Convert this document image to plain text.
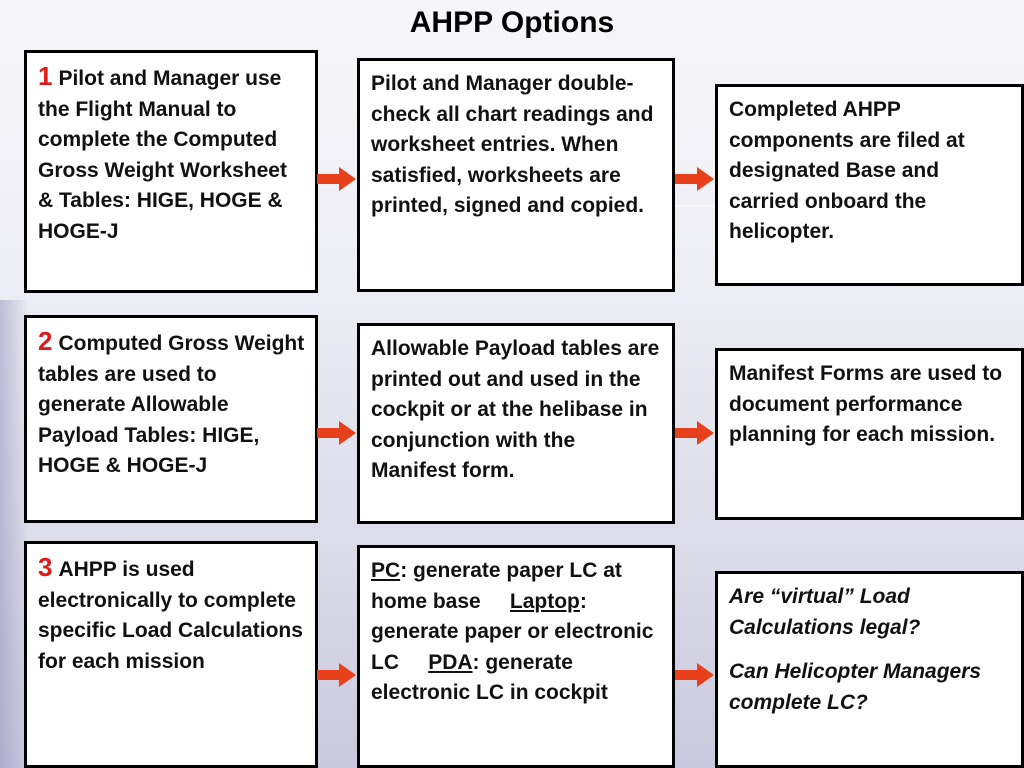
AHPP Options
1 Pilot and Manager use the Flight Manual to complete the Computed Gross Weight Worksheet & Tables: HIGE, HOGE & HOGE-J
Pilot and Manager double-check all chart readings and worksheet entries. When satisfied, worksheets are printed, signed and copied.
Completed AHPP components are filed at designated Base and carried onboard the helicopter.
2 Computed Gross Weight tables are used to generate Allowable Payload Tables: HIGE, HOGE & HOGE-J
Allowable Payload tables are printed out and used in the cockpit or at the helibase in conjunction with the Manifest form.
Manifest Forms are used to document performance planning for each mission.
3 AHPP is used electronically to complete specific Load Calculations for each mission
PC: generate paper LC at home base Laptop: generate paper or electronic LC PDA: generate electronic LC in cockpit
Are “virtual” Load Calculations legal?
Can Helicopter Managers complete LC?
